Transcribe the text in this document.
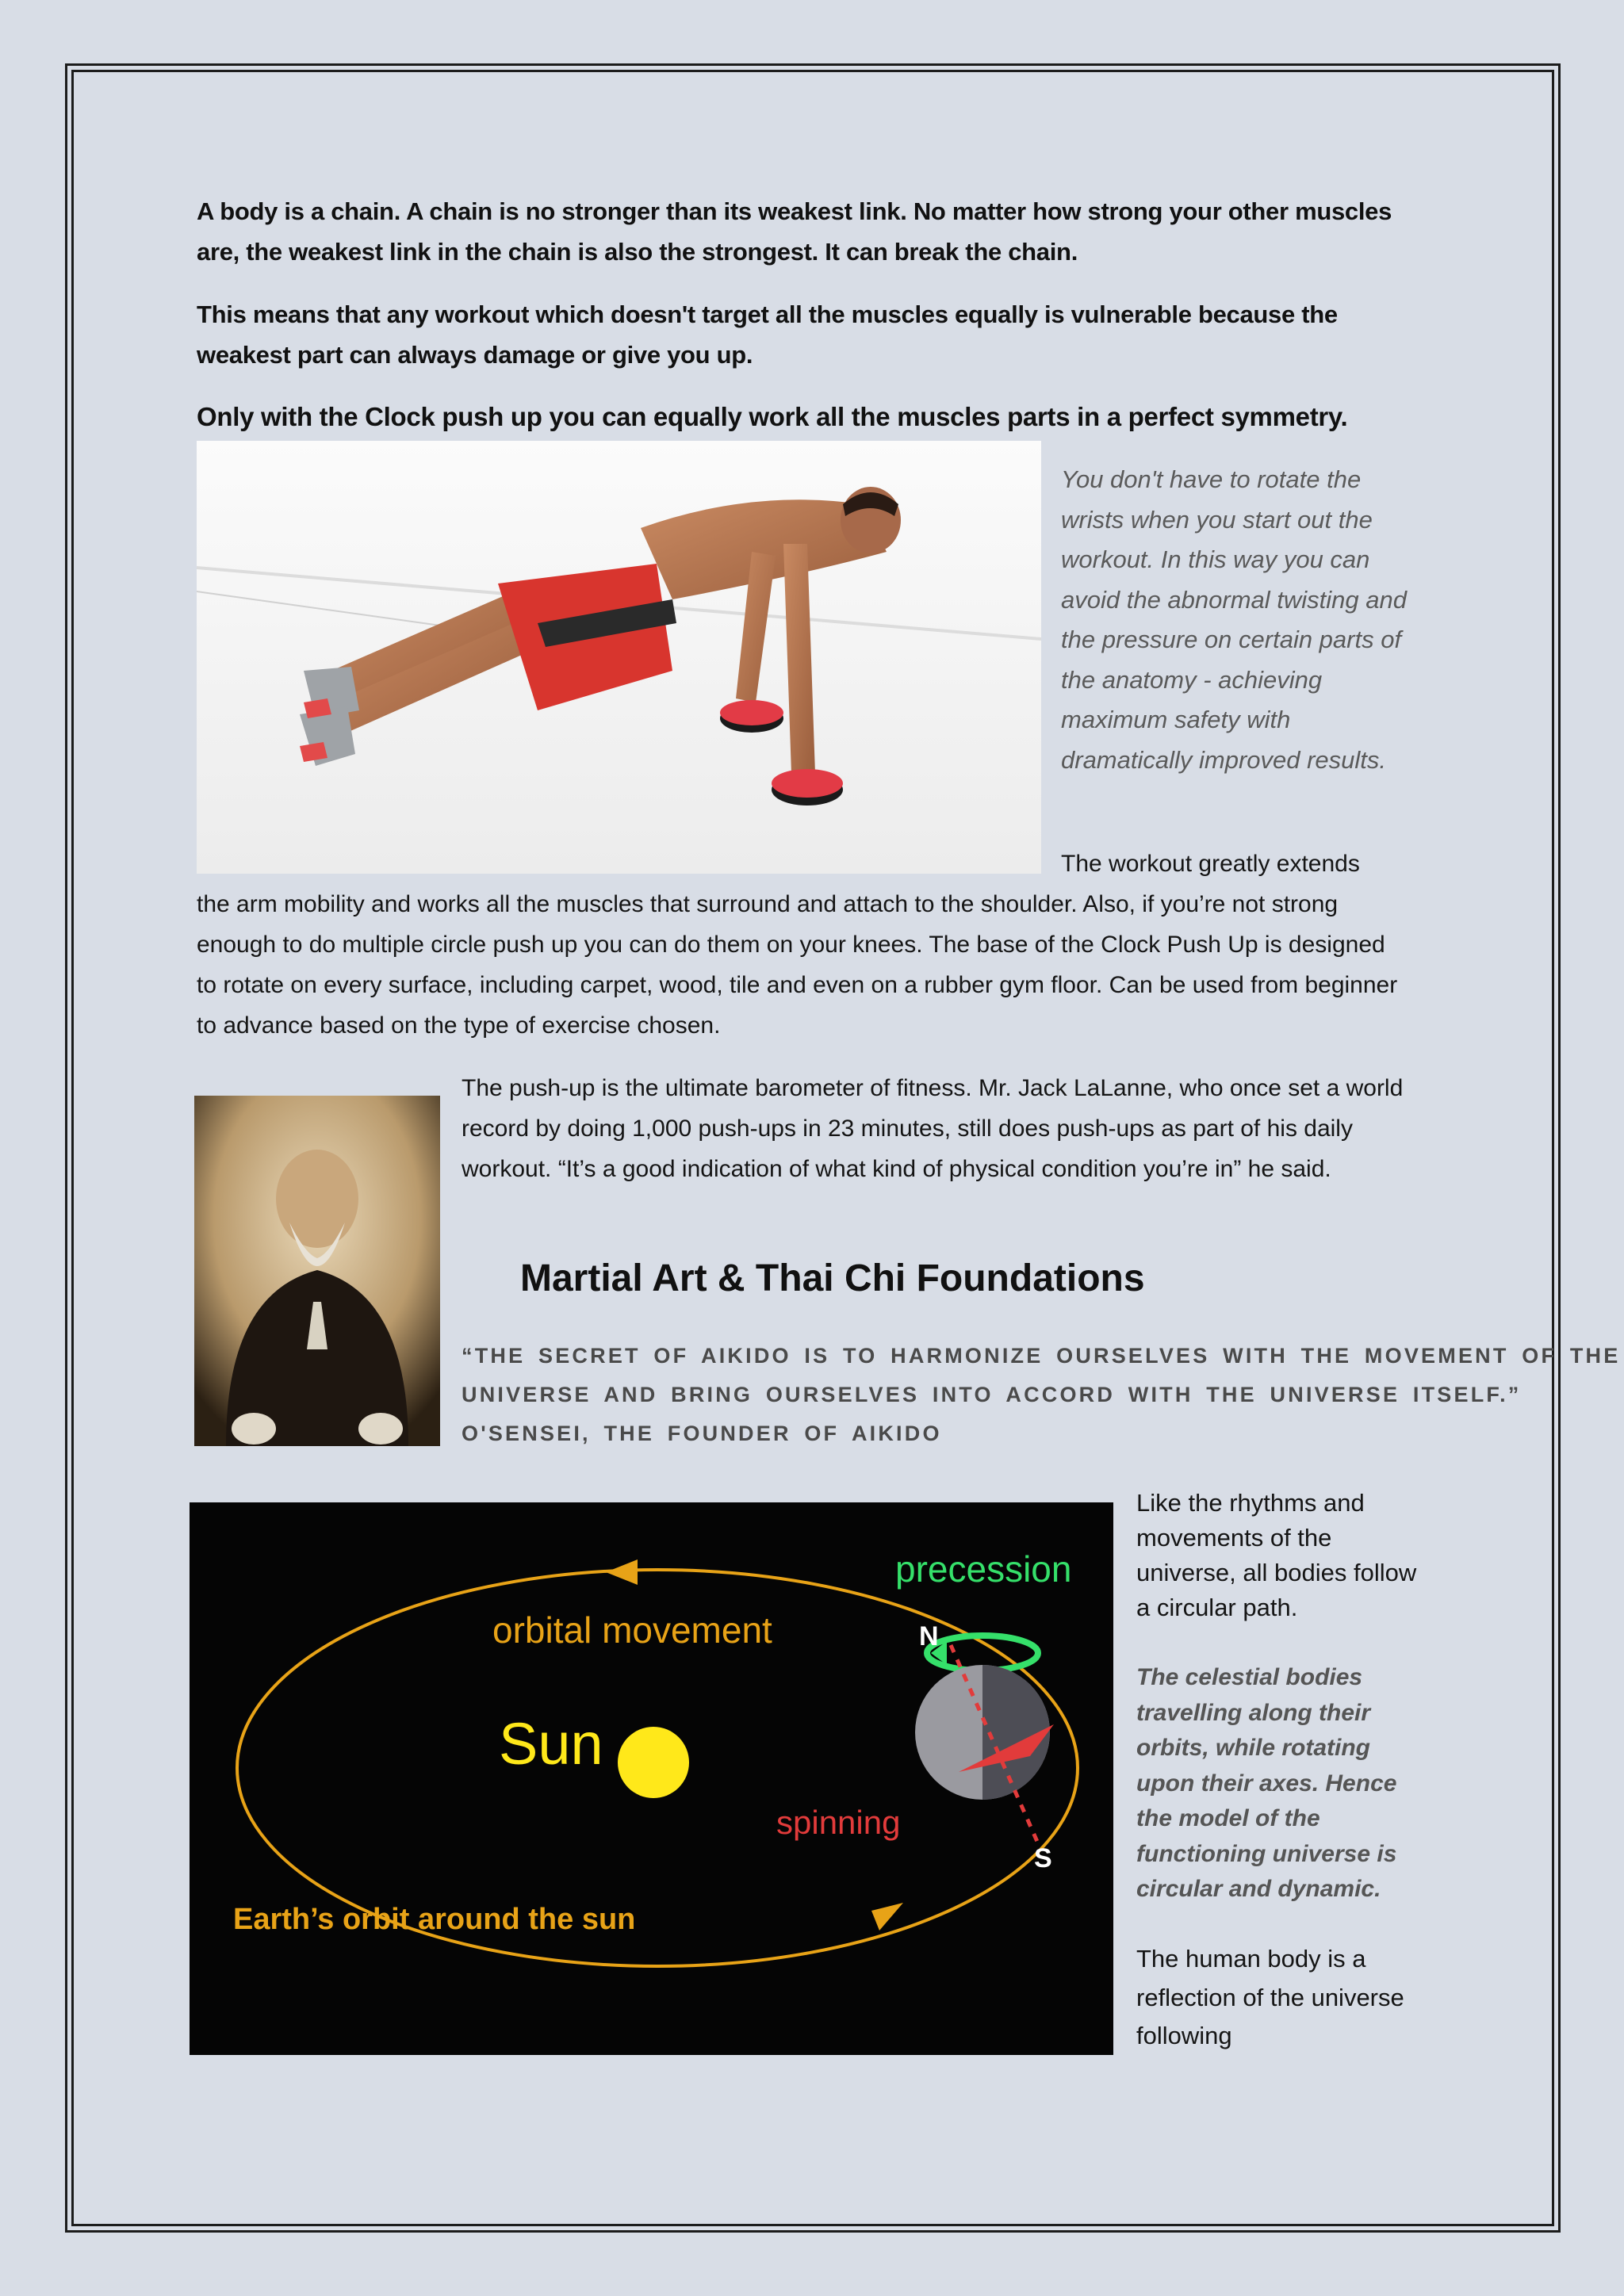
A body is a chain. A chain is no stronger than its weakest link. No matter how strong your other muscles are, the weakest link in the chain is also the strongest. It can break the chain.

This means that any workout which doesn't target all the muscles equally is vulnerable because the weakest part can always damage or give you up.

Only with the Clock push up you can equally work all the muscles parts in a perfect symmetry.

You don't have to rotate the wrists when you start out the workout. In this way you can avoid the abnormal twisting and the pressure on certain parts of the anatomy - achieving maximum safety with dramatically improved results.

The workout greatly extends

the arm mobility and works all the muscles that surround and attach to the shoulder. Also, if you’re not strong enough to do multiple circle push up you can do them on your knees. The base of the Clock Push Up is designed to rotate on every surface, including carpet, wood, tile and even on a rubber gym floor. Can be used from beginner to advance based on the type of exercise chosen.

The push-up is the ultimate barometer of fitness. Mr. Jack LaLanne, who once set a world record by doing 1,000 push-ups in 23 minutes, still does push-ups as part of his daily workout. “It’s a good indication of what kind of physical condition you’re in” he said.

Martial Art & Thai Chi Foundations

“THE SECRET OF AIKIDO IS TO HARMONIZE OURSELVES WITH THE MOVEMENT OF THE UNIVERSE AND BRING OURSELVES INTO ACCORD WITH THE UNIVERSE ITSELF.” O'SENSEI, THE FOUNDER OF AIKIDO

orbital movement
Sun
precession
N
spinning
S
Earth’s orbit around the sun

Like the rhythms and movements of the universe, all bodies follow a circular path.

The celestial bodies travelling along their orbits, while rotating upon their axes. Hence the model of the functioning universe is circular and dynamic.

The human body is a reflection of the universe following
